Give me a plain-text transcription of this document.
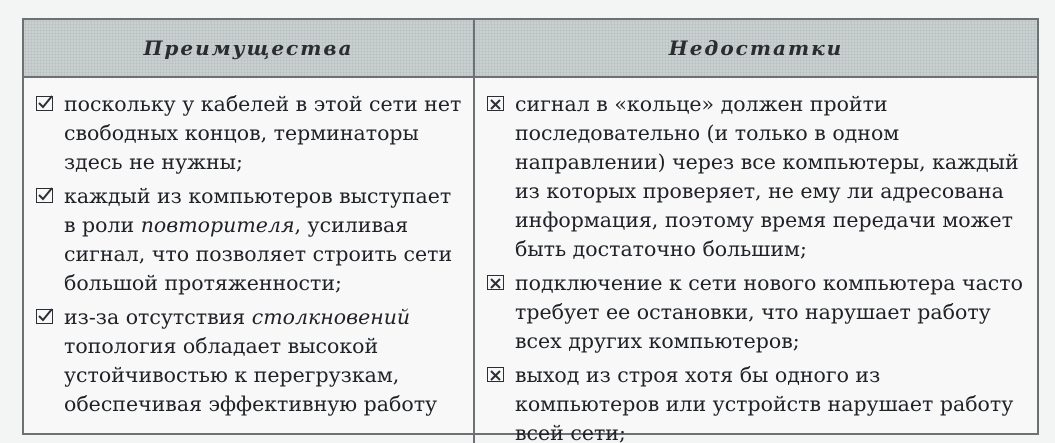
Преимущества	Недостатки
поскольку у кабелей в этой сети нет свободных концов, терминаторы здесь не нужны;
каждый из компьютеров выступает в роли повторителя, усиливая сигнал, что позволяет строить сети большой протяженности;
из-за отсутствия столкновений топология обладает высокой устойчивостью к перегрузкам, обеспечивая эффективную работу
сигнал в «кольце» должен пройти последовательно (и только в одном направлении) через все компьютеры, каждый из которых проверяет, не ему ли адресована информация, поэтому время передачи может быть достаточно большим;
подключение к сети нового компьютера часто требует ее остановки, что нарушает работу всех других компьютеров;
выход из строя хотя бы одного из компьютеров или устройств нарушает работу всей сети;
